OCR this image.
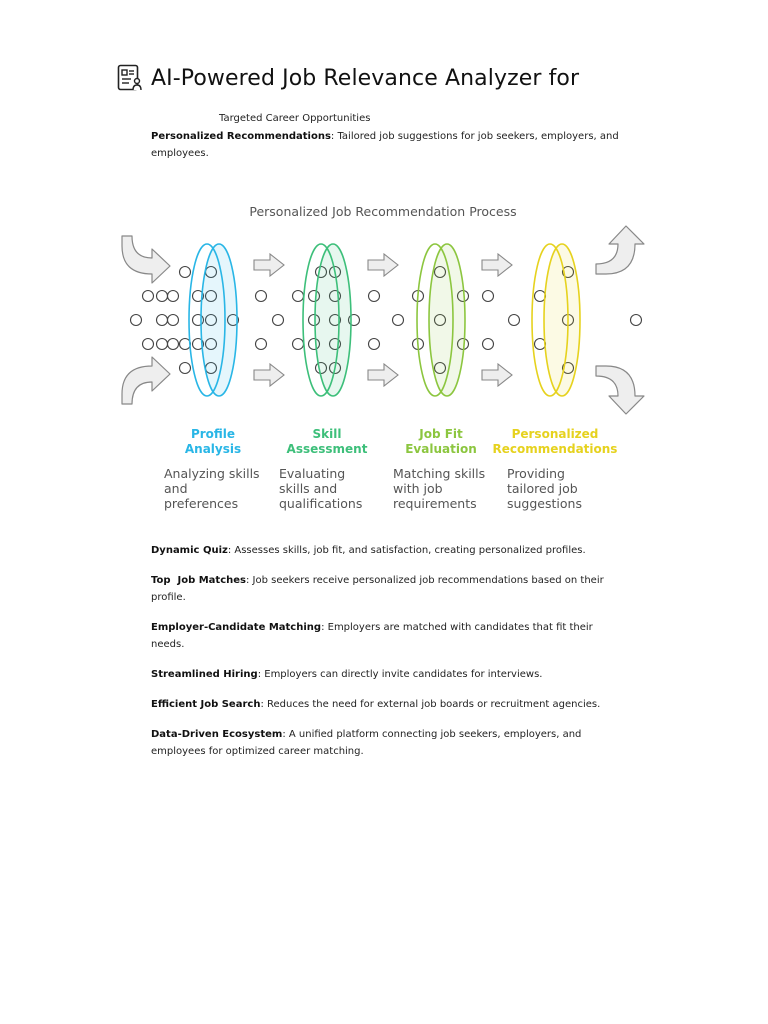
AI-Powered Job Relevance Analyzer for
Targeted Career Opportunities
Personalized Recommendations: Tailored job suggestions for job seekers, employers, and employees.
Personalized Job Recommendation Process
Profile
Analysis
Skill
Assessment
Job Fit
Evaluation
Personalized
Recommendations
Analyzing skills
and
preferences
Evaluating
skills and
qualifications
Matching skills
with job
requirements
Providing
tailored job
suggestions
Dynamic Quiz: Assesses skills, job fit, and satisfaction, creating personalized profiles.
Top  Job Matches: Job seekers receive personalized job recommendations based on their profile.
Employer-Candidate Matching: Employers are matched with candidates that fit their needs.
Streamlined Hiring: Employers can directly invite candidates for interviews.
Efficient Job Search: Reduces the need for external job boards or recruitment agencies.
Data-Driven Ecosystem: A unified platform connecting job seekers, employers, and employees for optimized career matching.
